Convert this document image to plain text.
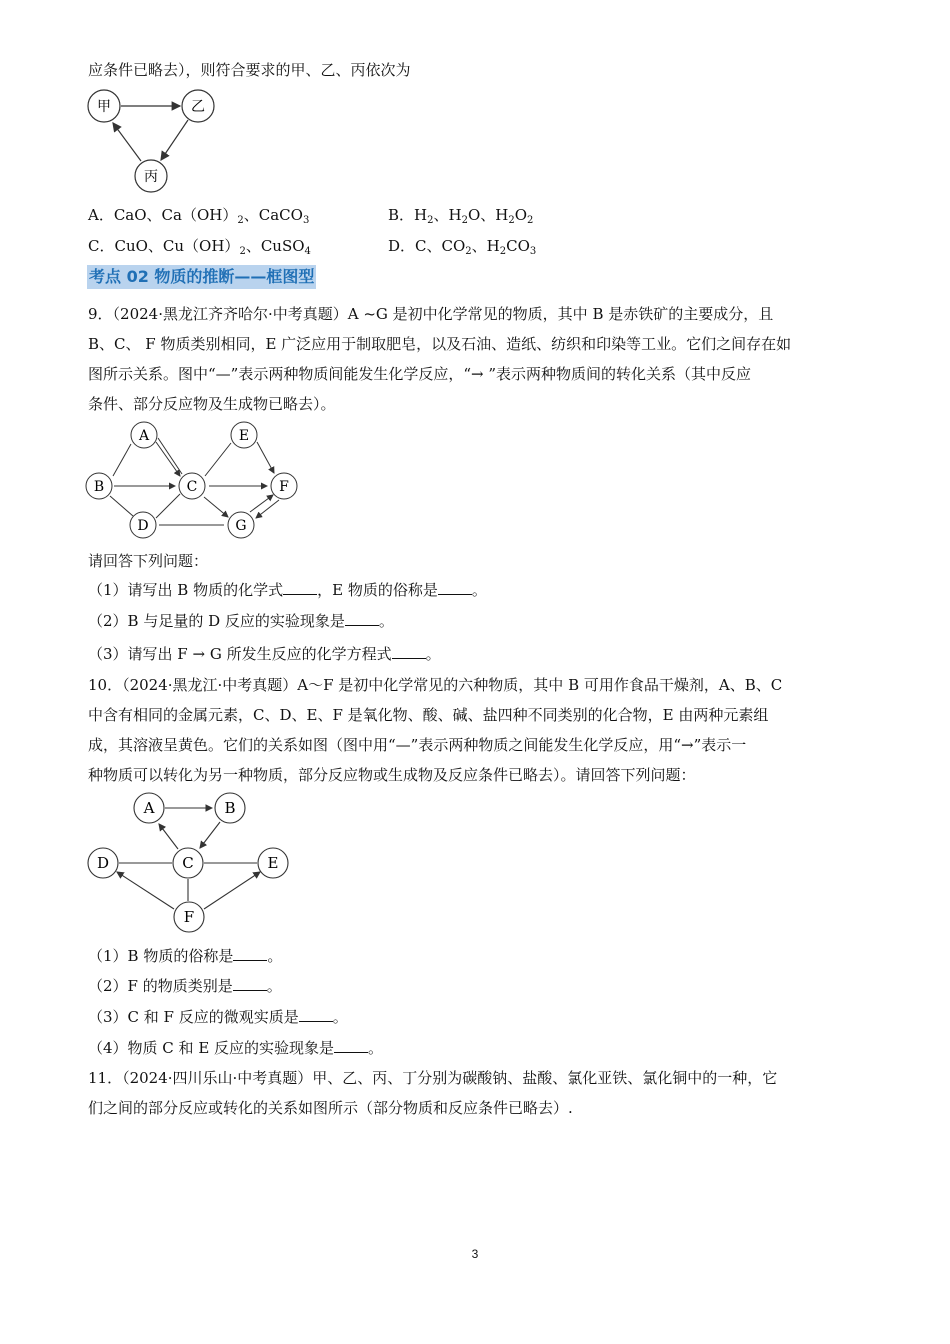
应条件已略去），则符合要求的甲、乙、丙依次为
甲	乙
丙
A．CaO、$Ca(OH)_2$、CaCO$_3$	B．$H_2$、$H_2O$、$H_2O_2$
C．CuO、$Cu(OH)_2$、CuSO$_4$	D．C、$CO_2$、$H_2CO_3$
考点 02 物质的推断——框图型
9．（2024·黑龙江齐齐哈尔·中考真题）A ~G 是初中化学常见的物质，其中 B 是赤铁矿的主要成分，且
B、C、 F 物质类别相同，E 广泛应用于制取肥皂，以及石油、造纸、纺织和印染等工业。它们之间存在如
图所示关系。图中“—”表示两种物质间能发生化学反应，“→ ”表示两种物质间的转化关系（其中反应
条件、部分反应物及生成物已略去）。
A
B	C
D
E
F
G
请回答下列问题：
（1）请写出 B 物质的化学式 ，E 物质的俗称是 。
（2）B 与足量的 D 反应的实验现象是 。
（3）请写出 F → G 所发生反应的化学方程式 。
10．（2024·黑龙江·中考真题）A～F 是初中化学常见的六种物质，其中 B 可用作食品干燥剂，A、B、C
中含有相同的金属元素，C、D、E、F 是氧化物、酸、碱、盐四种不同类别的化合物，E 由两种元素组
成，其溶液呈黄色。它们的关系如图（图中用“—”表示两种物质之间能发生化学反应，用“→”表示一
种物质可以转化为另一种物质，部分反应物或生成物及反应条件已略去）。请回答下列问题：
A	B
C
D	E
F
（1）B 物质的俗称是 。
（2）F 的物质类别是 。
（3）C 和 F 反应的微观实质是 。
（4）物质 C 和 E 反应的实验现象是 。
11．（2024·四川乐山·中考真题）甲、乙、丙、丁分别为碳酸钠、盐酸、氯化亚铁、氯化铜中的一种，它
们之间的部分反应或转化的关系如图所示（部分物质和反应条件已略去）.
3
